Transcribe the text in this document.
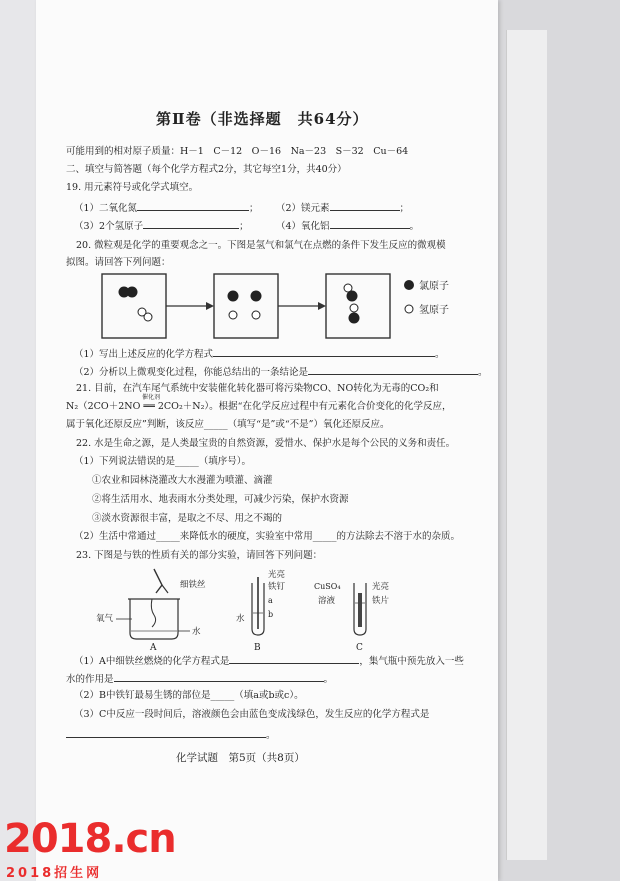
第Ⅱ卷（非选择题　共64分）
可能用到的相对原子质量：H－1　C－12　O－16　Na－23　S－32　Cu－64
二、填空与简答题（每个化学方程式2分，其它每空1分，共40分）
19. 用元素符号或化学式填空。
（1）二氧化氮	； （2）镁元素	；
（3）2个氢原子	；	（4）氧化铝	。
20. 微粒观是化学的重要观念之一。下图是氢气和氯气在点燃的条件下发生反应的微观模
拟图。请回答下列问题：
氯原子
氢原子
（1）写出上述反应的化学方程式	。
（2）分析以上微观变化过程，你能总结出的一条结论是	。
21. 目前，在汽车尾气系统中安装催化转化器可将污染物CO、NO转化为无毒的CO₂和
N₂（2CO＋2NO ══ 2CO₂＋N₂）。根据“在化学反应过程中有元素化合价变化的化学反应，
催化剂
属于氧化还原反应”判断，该反应_____（填写“是”或“不是”）氧化还原反应。
22. 水是生命之源，是人类最宝贵的自然资源，爱惜水、保护水是每个公民的义务和责任。
（1）下列说法错误的是_____（填序号）。
①农业和园林浇灌改大水漫灌为喷灌、滴灌
②将生活用水、地表雨水分类处理，可减少污染，保护水资源
③淡水资源很丰富，是取之不尽、用之不竭的
（2）生活中常通过_____来降低水的硬度，实验室中常用_____的方法除去不溶于水的杂质。
23. 下图是与铁的性质有关的部分实验，请回答下列问题：
细铁丝
氧气
水
A
光亮
铁钉
a
b
水
B
CuSO₄
溶液
光亮
铁片
C
（1）A中细铁丝燃烧的化学方程式是	，集气瓶中预先放入一些
水的作用是	。
（2）B中铁钉最易生锈的部位是_____（填a或b或c）。
（3）C中反应一段时间后，溶液颜色会由蓝色变成浅绿色，发生反应的化学方程式是
。
化学试题　第5页（共8页）
2018.cn
2018招生网
